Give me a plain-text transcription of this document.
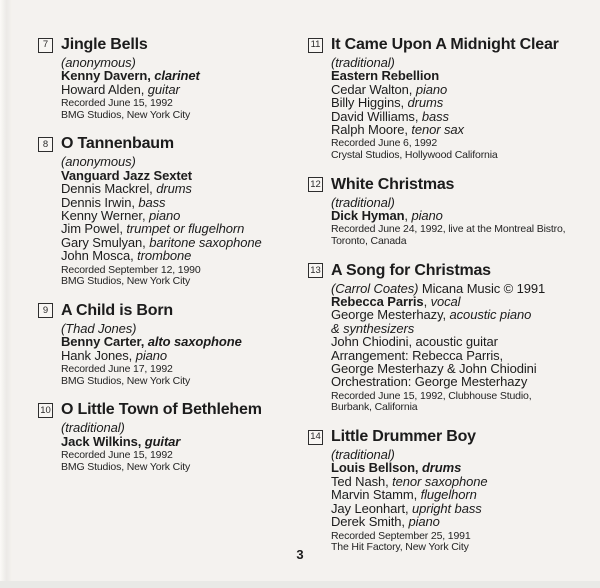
7 Jingle Bells

(anonymous)

Kenny Davern, clarinet

Howard Alden, guitar

Recorded June 15, 1992

BMG Studios, New York City

8 O Tannenbaum

(anonymous)

Vanguard Jazz Sextet

Dennis Mackrel, drums

Dennis Irwin, bass

Kenny Werner, piano

Jim Powel, trumpet or flugelhorn

Gary Smulyan, baritone saxophone

John Mosca, trombone

Recorded September 12, 1990

BMG Studios, New York City

9 A Child is Born

(Thad Jones)

Benny Carter, alto saxophone

Hank Jones, piano

Recorded June 17, 1992

BMG Studios, New York City

10 O Little Town of Bethlehem

(traditional)

Jack Wilkins, guitar

Recorded June 15, 1992

BMG Studios, New York City

11 It Came Upon A Midnight Clear

(traditional)

Eastern Rebellion

Cedar Walton, piano

Billy Higgins, drums

David Williams, bass

Ralph Moore, tenor sax

Recorded June 6, 1992

Crystal Studios, Hollywood California

12 White Christmas

(traditional)

Dick Hyman, piano

Recorded June 24, 1992, live at the Montreal Bistro,

Toronto, Canada

13 A Song for Christmas

(Carrol Coates) Micana Music © 1991

Rebecca Parris, vocal

George Mesterhazy, acoustic piano

& synthesizers

John Chiodini, acoustic guitar

Arrangement: Rebecca Parris,

George Mesterhazy & John Chiodini

Orchestration: George Mesterhazy

Recorded June 15, 1992, Clubhouse Studio,

Burbank, California

14 Little Drummer Boy

(traditional)

Louis Bellson, drums

Ted Nash, tenor saxophone

Marvin Stamm, flugelhorn

Jay Leonhart, upright bass

Derek Smith, piano

Recorded September 25, 1991

The Hit Factory, New York City

3
